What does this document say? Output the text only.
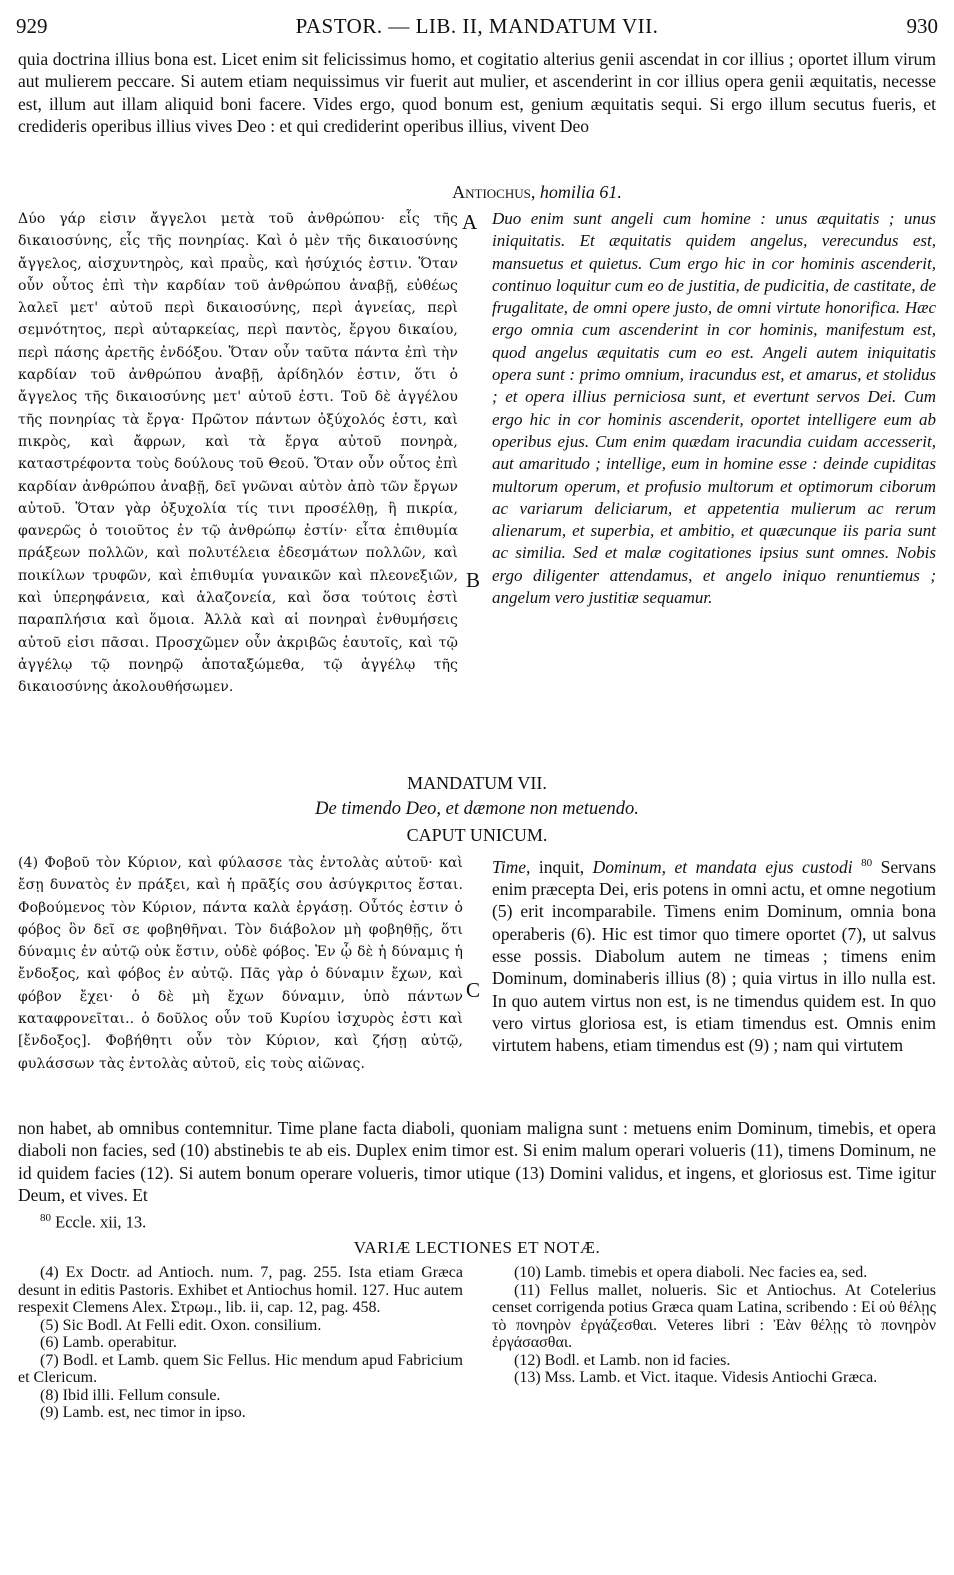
929	PASTOR. — LIB. II, MANDATUM VII.	930

quia doctrina illius bona est. Licet enim sit felicissimus homo, et cogitatio alterius genii ascendat in cor illius ; oportet illum virum aut mulierem peccare. Si autem etiam nequissimus vir fuerit aut mulier, et ascenderint in cor illius opera genii æquitatis, necesse est, illum aut illam aliquid boni facere. Vides ergo, quod bonum est, genium æquitatis sequi. Si ergo illum secutus fueris, et credideris operibus illius vives Deo : et qui crediderint operibus illius, vivent Deo

Antiochus, homilia 61.

Δύο γάρ εἰσιν ἄγγελοι μετὰ τοῦ ἀνθρώπου· εἷς τῆς δικαιοσύνης, εἷς τῆς πονηρίας. Καὶ ὁ μὲν τῆς δικαιοσύνης ἄγγελος, αἰσχυντηρὸς, καὶ πραῢς, καὶ ἡσύχιός ἐστιν. Ὅταν οὖν οὗτος ἐπὶ τὴν καρδίαν τοῦ ἀνθρώπου ἀναβῇ, εὐθέως λαλεῖ μετ' αὐτοῦ περὶ δικαιοσύνης, περὶ ἁγνείας, περὶ σεμνότητος, περὶ αὐταρκείας, περὶ παντὸς, ἔργου δικαίου, περὶ πάσης ἀρετῆς ἐνδόξου. Ὅταν οὖν ταῦτα πάντα ἐπὶ τὴν καρδίαν τοῦ ἀνθρώπου ἀναβῇ, ἀρίδηλόν ἐστιν, ὅτι ὁ ἄγγελος τῆς δικαιοσύνης μετ' αὐτοῦ ἐστι. Τοῦ δὲ ἀγγέλου τῆς πονηρίας τὰ ἔργα· Πρῶτον πάντων ὀξύχολός ἐστι, καὶ πικρὸς, καὶ ἄφρων, καὶ τὰ ἔργα αὐτοῦ πονηρὰ, καταστρέφοντα τοὺς δούλους τοῦ Θεοῦ. Ὅταν οὖν οὗτος ἐπὶ καρδίαν ἀνθρώπου ἀναβῇ, δεῖ γνῶναι αὐτὸν ἀπὸ τῶν ἔργων αὐτοῦ. Ὅταν γὰρ ὀξυχολία τίς τινι προσέλθῃ, ἢ πικρία, φανερῶς ὁ τοιοῦτος ἐν τῷ ἀνθρώπῳ ἐστίν· εἶτα ἐπιθυμία πράξεων πολλῶν, καὶ πολυτέλεια ἐδεσμάτων πολλῶν, καὶ ποικίλων τρυφῶν, καὶ ἐπιθυμία γυναικῶν καὶ πλεονεξιῶν, καὶ ὑπερηφάνεια, καὶ ἀλαζονεία, καὶ ὅσα τούτοις ἐστὶ παραπλήσια καὶ ὅμοια. Ἀλλὰ καὶ αἱ πονηραὶ ἐνθυμήσεις αὐτοῦ εἰσι πᾶσαι. Προσχῶμεν οὖν ἀκριβῶς ἑαυτοῖς, καὶ τῷ ἀγγέλῳ τῷ πονηρῷ ἀποταξώμεθα, τῷ ἀγγέλῳ τῆς δικαιοσύνης ἀκολουθήσωμεν.

A
B

Duo enim sunt angeli cum homine : unus æquitatis ; unus iniquitatis. Et æquitatis quidem angelus, verecundus est, mansuetus et quietus. Cum ergo hic in cor hominis ascenderit, continuo loquitur cum eo de justitia, de pudicitia, de castitate, de frugalitate, de omni opere justo, de omni virtute honorifica. Hæc ergo omnia cum ascenderint in cor hominis, manifestum est, quod angelus æquitatis cum eo est. Angeli autem iniquitatis opera sunt : primo omnium, iracundus est, et amarus, et stolidus ; et opera illius perniciosa sunt, et evertunt servos Dei. Cum ergo hic in cor hominis ascenderit, oportet intelligere eum ab operibus ejus. Cum enim quædam iracundia cuidam accesserit, aut amaritudo ; intellige, eum in homine esse : deinde cupiditas multorum operum, et profusio multorum et optimorum ciborum ac variarum deliciarum, et appetentia mulierum ac rerum alienarum, et superbia, et ambitio, et quæcunque iis paria sunt ac similia. Sed et malæ cogitationes ipsius sunt omnes. Nobis ergo diligenter attendamus, et angelo iniquo renuntiemus ; angelum vero justitiæ sequamur.

MANDATUM VII.

De timendo Deo, et dæmone non metuendo.

CAPUT UNICUM.

(4) Φοβοῦ τὸν Κύριον, καὶ φύλασσε τὰς ἐντολὰς αὐτοῦ· καὶ ἔσῃ δυνατὸς ἐν πράξει, καὶ ἡ πρᾶξίς σου ἀσύγκριτος ἔσται. Φοβούμενος τὸν Κύριον, πάντα καλὰ ἐργάσῃ. Οὗτός ἐστιν ὁ φόβος ὃν δεῖ σε φοβηθῆναι. Τὸν διάβολον μὴ φοβηθῇς, ὅτι δύναμις ἐν αὐτῷ οὐκ ἔστιν, οὐδὲ φόβος. Ἐν ᾧ δὲ ἡ δύναμις ἡ ἔνδοξος, καὶ φόβος ἐν αὐτῷ. Πᾶς γὰρ ὁ δύναμιν ἔχων, καὶ φόβον ἔχει· ὁ δὲ μὴ ἔχων δύναμιν, ὑπὸ πάντων καταφρονεῖται.. ὁ δοῦλος οὖν τοῦ Κυρίου ἰσχυρὸς ἐστι καὶ [ἔνδοξος]. Φοβήθητι οὖν τὸν Κύριον, καὶ ζήσῃ αὐτῷ, φυλάσσων τὰς ἐντολὰς αὐτοῦ, εἰς τοὺς αἰῶνας.

C

Time, inquit, Dominum, et mandata ejus custodi $^{80}$ Servans enim præcepta Dei, eris potens in omni actu, et omne negotium (5) erit incomparabile. Timens enim Dominum, omnia bona operaberis (6). Hic est timor quo timere oportet (7), ut salvus esse possis. Diabolum autem ne timeas ; timens enim Dominum, dominaberis illius (8) ; quia virtus in illo nulla est. In quo autem virtus non est, is ne timendus quidem est. In quo vero virtus gloriosa est, is etiam timendus est. Omnis enim virtutem habens, etiam timendus est (9) ; nam qui virtutem

non habet, ab omnibus contemnitur. Time plane facta diaboli, quoniam maligna sunt : metuens enim Dominum, timebis, et opera diaboli non facies, sed (10) abstinebis te ab eis. Duplex enim timor est. Si enim malum operari volueris (11), timens Dominum, ne id quidem facies (12). Si autem bonum operare volueris, timor utique (13) Domini validus, et ingens, et gloriosus est. Time igitur Deum, et vives. Et

$^{80}$ Eccle. xii, 13.

VARIÆ LECTIONES ET NOTÆ.

(4) Ex Doctr. ad Antioch. num. 7, pag. 255. Ista etiam Græca desunt in editis Pastoris. Exhibet et Antiochus homil. 127. Huc autem respexit Clemens Alex. Στρωμ., lib. ii, cap. 12, pag. 458.

(5) Sic Bodl. At Felli edit. Oxon. consilium.

(6) Lamb. operabitur.

(7) Bodl. et Lamb. quem Sic Fellus. Hic mendum apud Fabricium et Clericum.

(8) Ibid illi. Fellum consule.

(9) Lamb. est, nec timor in ipso.

(10) Lamb. timebis et opera diaboli. Nec facies ea, sed.

(11) Fellus mallet, nolueris. Sic et Antiochus. At Cotelerius censet corrigenda potius Græca quam Latina, scribendo : Εἰ οὐ θέλῃς τὸ πονηρὸν ἐργάζεσθαι. Veteres libri : Ἐὰν θέλῃς τὸ πονηρὸν ἐργάσασθαι.

(12) Bodl. et Lamb. non id facies.

(13) Mss. Lamb. et Vict. itaque. Videsis Antiochi Græca.
